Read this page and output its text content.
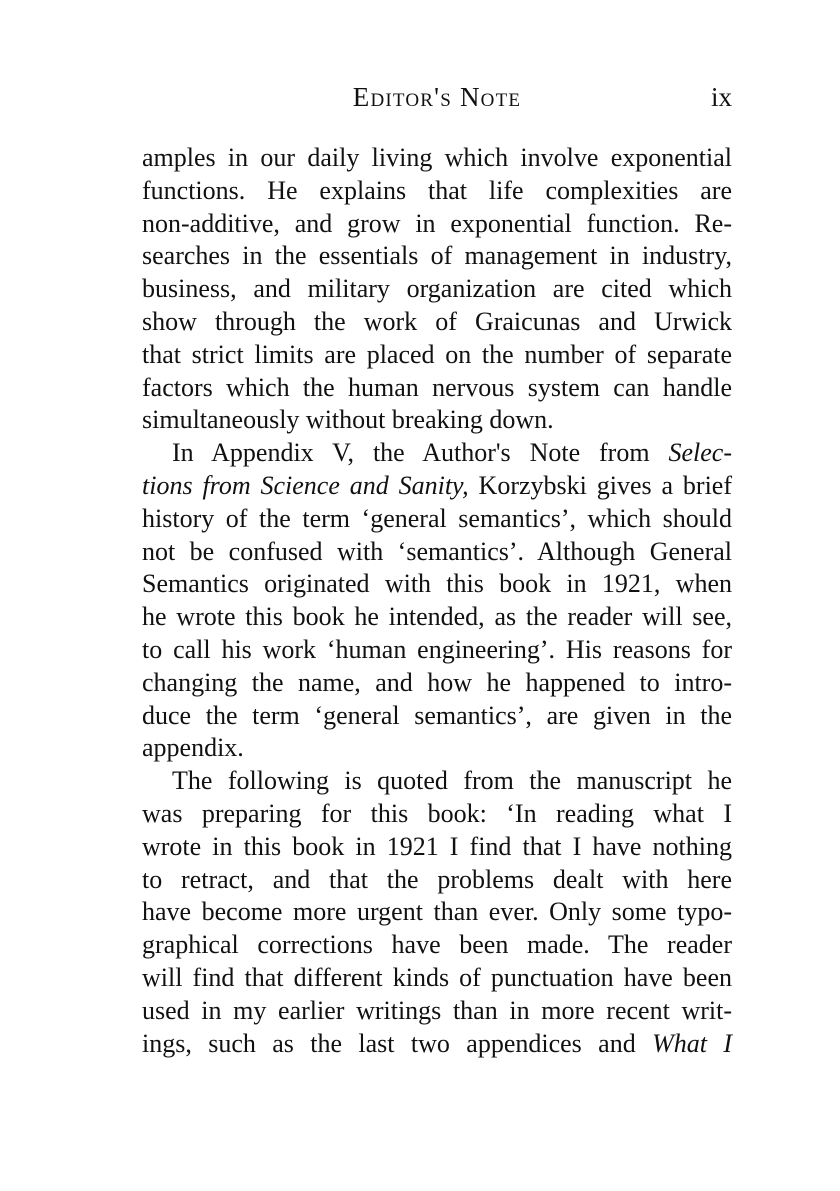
Editor's Note	ix
amples in our daily living which involve exponential
functions. He explains that life complexities are
non-additive, and grow in exponential function. Re-
searches in the essentials of management in industry,
business, and military organization are cited which
show through the work of Graicunas and Urwick
that strict limits are placed on the number of separate
factors which the human nervous system can handle
simultaneously without breaking down.
In Appendix V, the Author's Note from Selec-
tions from Science and Sanity, Korzybski gives a brief
history of the term ‘general semantics’, which should
not be confused with ‘semantics’. Although General
Semantics originated with this book in 1921, when
he wrote this book he intended, as the reader will see,
to call his work ‘human engineering’. His reasons for
changing the name, and how he happened to intro-
duce the term ‘general semantics’, are given in the
appendix.
The following is quoted from the manuscript he
was preparing for this book: ‘In reading what I
wrote in this book in 1921 I find that I have nothing
to retract, and that the problems dealt with here
have become more urgent than ever. Only some typo-
graphical corrections have been made. The reader
will find that different kinds of punctuation have been
used in my earlier writings than in more recent writ-
ings, such as the last two appendices and What I
